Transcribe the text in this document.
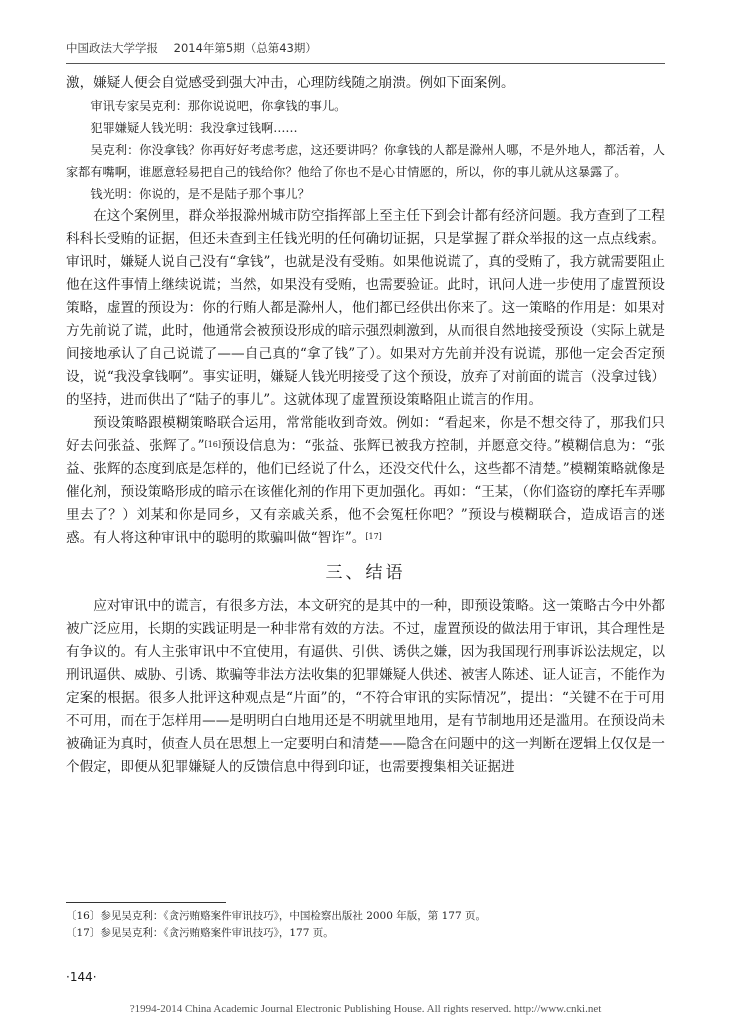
中国政法大学学报 2014年第5期（总第43期）

激，嫌疑人便会自觉感受到强大冲击，心理防线随之崩溃。例如下面案例。

审讯专家吴克利：那你说说吧，你拿钱的事儿。

犯罪嫌疑人钱光明：我没拿过钱啊……

吴克利：你没拿钱？你再好好考虑考虑，这还要讲吗？你拿钱的人都是滁州人哪，不是外地人，都活着，人家都有嘴啊，谁愿意轻易把自己的钱给你？他给了你也不是心甘情愿的，所以，你的事儿就从这暴露了。

钱光明：你说的，是不是陆子那个事儿？

在这个案例里，群众举报滁州城市防空指挥部上至主任下到会计都有经济问题。我方查到了工程科科长受贿的证据，但还未查到主任钱光明的任何确切证据，只是掌握了群众举报的这一点点线索。审讯时，嫌疑人说自己没有“拿钱”，也就是没有受贿。如果他说谎了，真的受贿了，我方就需要阻止他在这件事情上继续说谎；当然，如果没有受贿，也需要验证。此时，讯问人进一步使用了虚置预设策略，虚置的预设为：你的行贿人都是滁州人，他们都已经供出你来了。这一策略的作用是：如果对方先前说了谎，此时，他通常会被预设形成的暗示强烈刺激到，从而很自然地接受预设（实际上就是间接地承认了自己说谎了——自己真的“拿了钱”了）。如果对方先前并没有说谎，那他一定会否定预设，说“我没拿钱啊”。事实证明，嫌疑人钱光明接受了这个预设，放弃了对前面的谎言（没拿过钱）的坚持，进而供出了“陆子的事儿”。这就体现了虚置预设策略阻止谎言的作用。

预设策略跟模糊策略联合运用，常常能收到奇效。例如：“看起来，你是不想交待了，那我们只好去问张益、张辉了。”[16]预设信息为：“张益、张辉已被我方控制，并愿意交待。”模糊信息为：“张益、张辉的态度到底是怎样的，他们已经说了什么，还没交代什么，这些都不清楚。”模糊策略就像是催化剂，预设策略形成的暗示在该催化剂的作用下更加强化。再如：“王某，（你们盗窃的摩托车弄哪里去了？）刘某和你是同乡，又有亲戚关系，他不会冤枉你吧？”预设与模糊联合，造成语言的迷惑。有人将这种审讯中的聪明的欺骗叫做“智诈”。[17]

三、结语

应对审讯中的谎言，有很多方法，本文研究的是其中的一种，即预设策略。这一策略古今中外都被广泛应用，长期的实践证明是一种非常有效的方法。不过，虚置预设的做法用于审讯，其合理性是有争议的。有人主张审讯中不宜使用，有逼供、引供、诱供之嫌，因为我国现行刑事诉讼法规定，以刑讯逼供、威胁、引诱、欺骗等非法方法收集的犯罪嫌疑人供述、被害人陈述、证人证言，不能作为定案的根据。很多人批评这种观点是“片面”的，“不符合审讯的实际情况”，提出：“关键不在于可用不可用，而在于怎样用——是明明白白地用还是不明就里地用，是有节制地用还是滥用。在预设尚未被确证为真时，侦查人员在思想上一定要明白和清楚——隐含在问题中的这一判断在逻辑上仅仅是一个假定，即便从犯罪嫌疑人的反馈信息中得到印证，也需要搜集相关证据进

〔16〕参见吴克利：《贪污贿赂案件审讯技巧》，中国检察出版社 2000 年版，第 177 页。

〔17〕参见吴克利：《贪污贿赂案件审讯技巧》，177 页。

·144·
?1994-2014 China Academic Journal Electronic Publishing House. All rights reserved. http://www.cnki.net
